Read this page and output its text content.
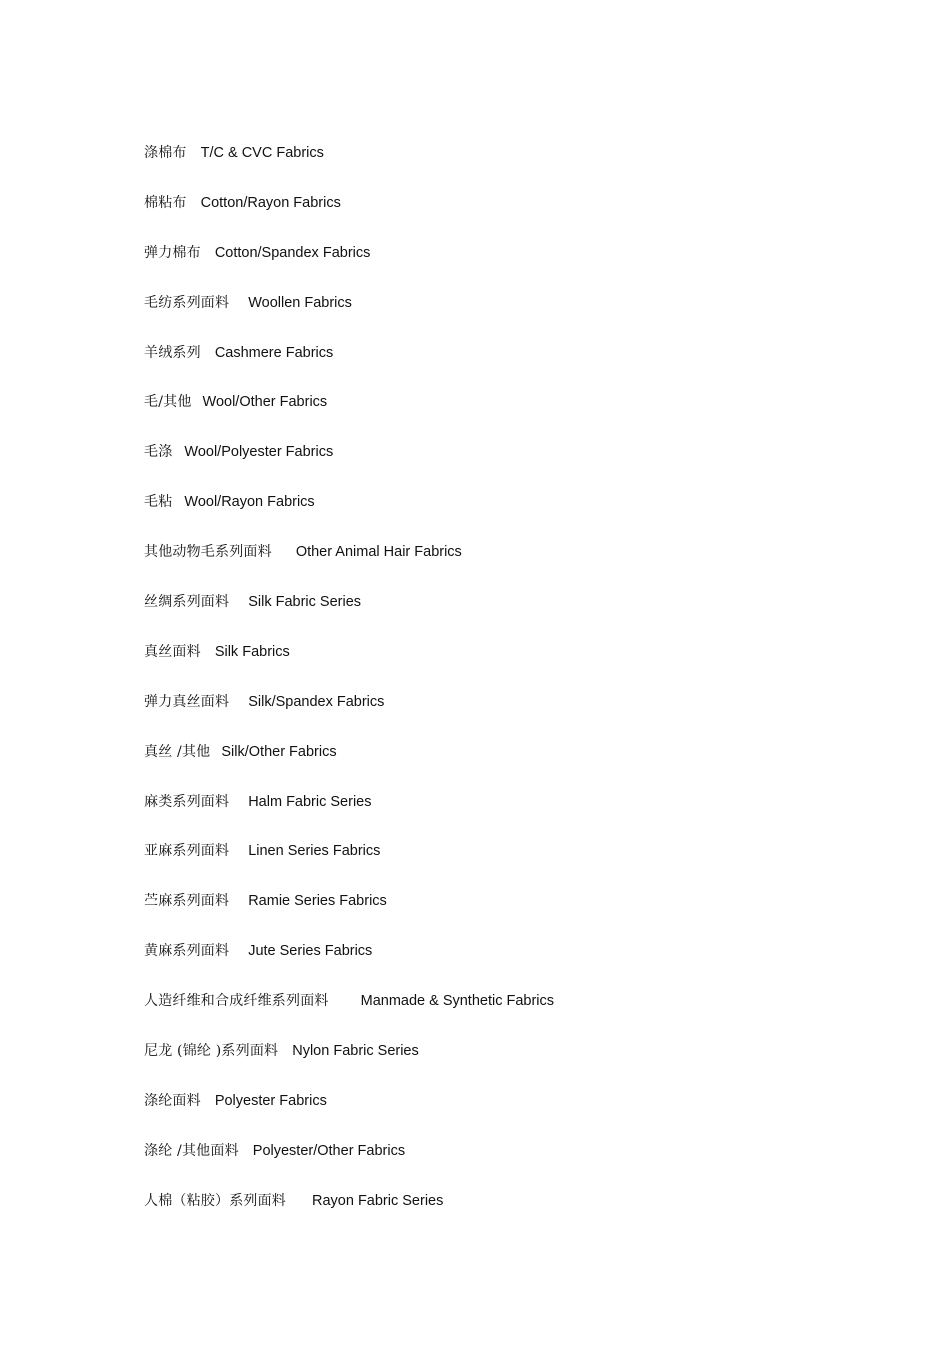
涤棉布 T/C & CVC Fabrics
棉粘布 Cotton/Rayon Fabrics
弹力棉布 Cotton/Spandex Fabrics
毛纺系列面料 Woollen Fabrics
羊绒系列 Cashmere Fabrics
毛/其他 Wool/Other Fabrics
毛涤 Wool/Polyester Fabrics
毛粘 Wool/Rayon Fabrics
其他动物毛系列面料 Other Animal Hair Fabrics
丝绸系列面料 Silk Fabric Series
真丝面料 Silk Fabrics
弹力真丝面料 Silk/Spandex Fabrics
真丝 /其他 Silk/Other Fabrics
麻类系列面料 Halm Fabric Series
亚麻系列面料 Linen Series Fabrics
苎麻系列面料 Ramie Series Fabrics
黄麻系列面料 Jute Series Fabrics
人造纤维和合成纤维系列面料 Manmade & Synthetic Fabrics
尼龙 (锦纶 )系列面料 Nylon Fabric Series
涤纶面料 Polyester Fabrics
涤纶 /其他面料 Polyester/Other Fabrics
人棉（粘胶）系列面料 Rayon Fabric Series
